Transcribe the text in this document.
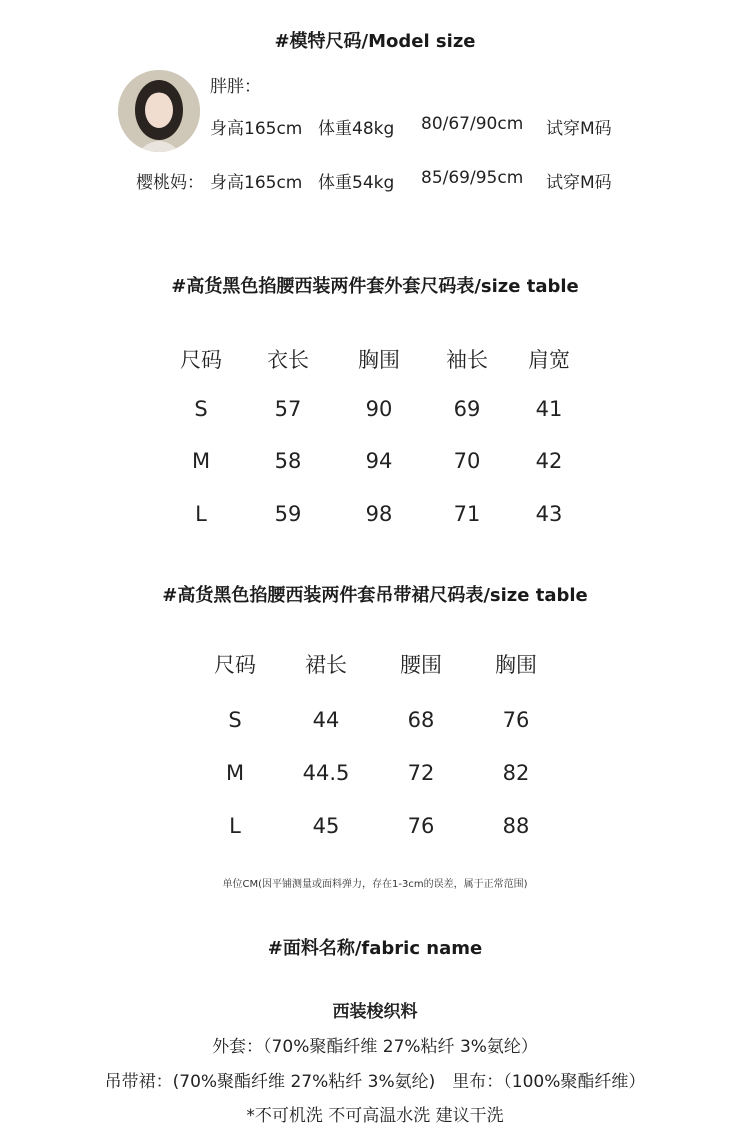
#模特尺码/Model size
胖胖：
身高165cm 体重48kg 80/67/90cm 试穿M码
樱桃妈： 身高165cm 体重54kg 85/69/95cm 试穿M码
#高货黑色掐腰西装两件套外套尺码表/size table
尺码	衣长	胸围	袖长	肩宽
S	57	90	69	41
M	58	94	70	42
L	59	98	71	43
#高货黑色掐腰西装两件套吊带裙尺码表/size table
尺码	裙长	腰围	胸围
S	44	68	76
M	44.5	72	82
L	45	76	88
单位CM(因平铺测量或面料弹力，存在1-3cm的误差，属于正常范围)
#面料名称/fabric name
西装梭织料
外套：（70%聚酯纤维 27%粘纤 3%氨纶）
吊带裙：(70%聚酯纤维 27%粘纤 3%氨纶)　里布：（100%聚酯纤维）
*不可机洗 不可高温水洗 建议干洗
